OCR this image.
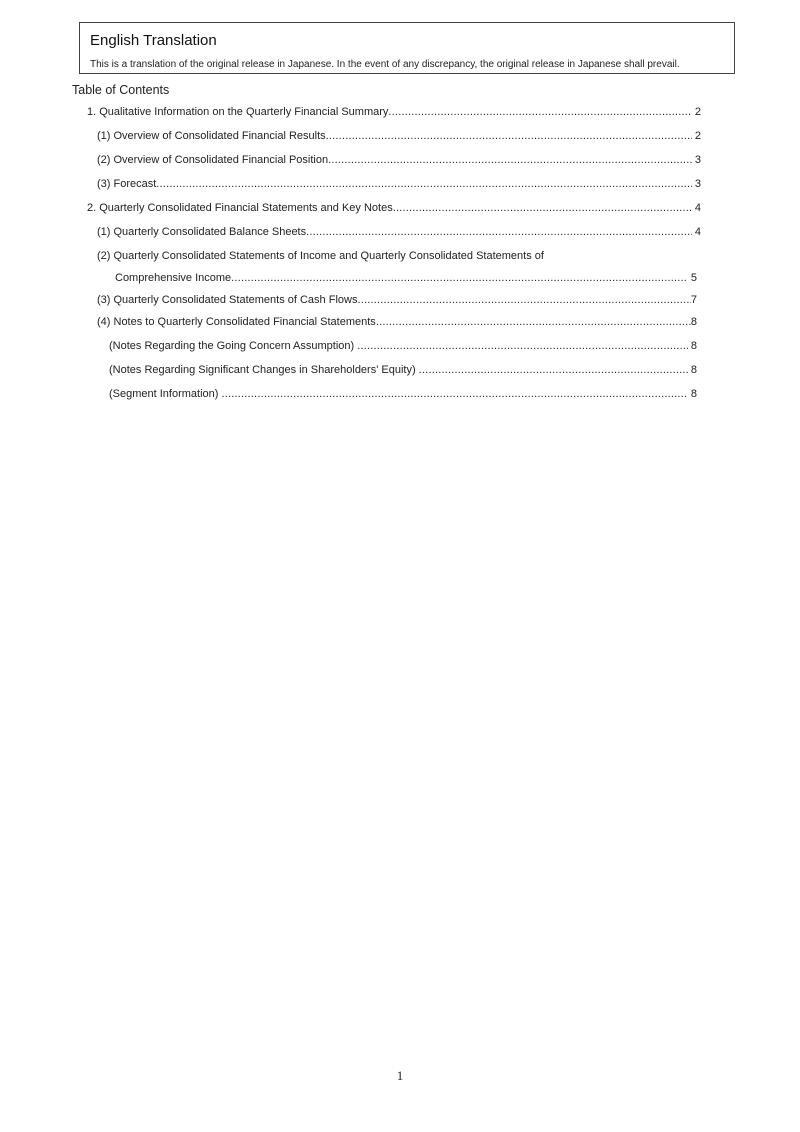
English Translation
This is a translation of the original release in Japanese. In the event of any discrepancy, the original release in Japanese shall prevail.
Table of Contents
1. Qualitative Information on the Quarterly Financial Summary .....	2
(1) Overview of Consolidated Financial Results .....	2
(2) Overview of Consolidated Financial Position .....	3
(3) Forecast .....	3
2. Quarterly Consolidated Financial Statements and Key Notes .....	4
(1) Quarterly Consolidated Balance Sheets .....	4
(2) Quarterly Consolidated Statements of Income and Quarterly Consolidated Statements of
Comprehensive Income .....	5
(3) Quarterly Consolidated Statements of Cash Flows .....	7
(4) Notes to Quarterly Consolidated Financial Statements .....	8
(Notes Regarding the Going Concern Assumption) .....	8
(Notes Regarding Significant Changes in Shareholders' Equity) .....	8
(Segment Information) .....	8
1
